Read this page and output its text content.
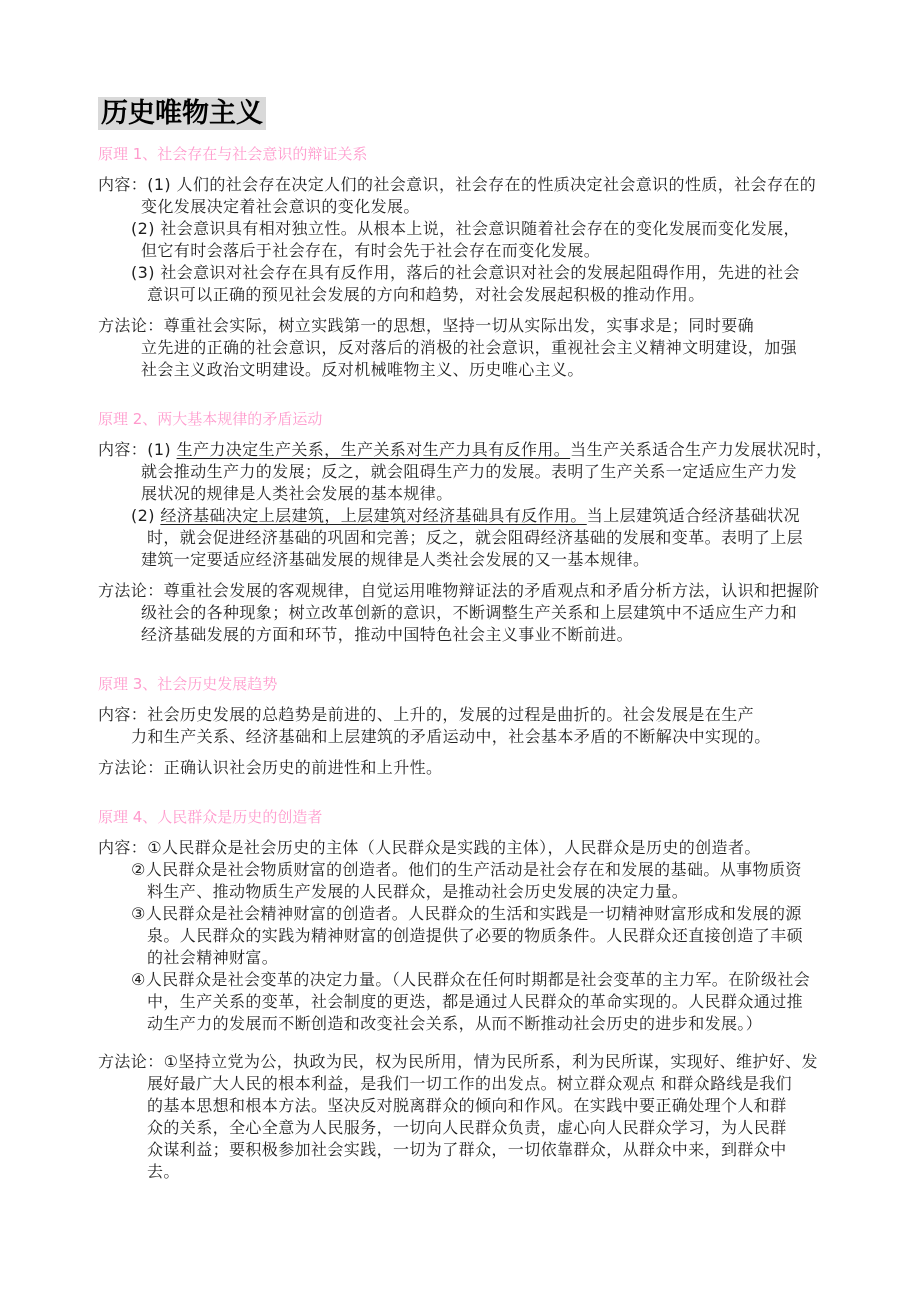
历史唯物主义
原理 1、社会存在与社会意识的辩证关系
内容：(1) 人们的社会存在决定人们的社会意识，社会存在的性质决定社会意识的性质，社会存在的
变化发展决定着社会意识的变化发展。
(2) 社会意识具有相对独立性。从根本上说，社会意识随着社会存在的变化发展而变化发展，
但它有时会落后于社会存在，有时会先于社会存在而变化发展。
(3) 社会意识对社会存在具有反作用，落后的社会意识对社会的发展起阻碍作用，先进的社会
意识可以正确的预见社会发展的方向和趋势，对社会发展起积极的推动作用。
方法论：尊重社会实际，树立实践第一的思想，坚持一切从实际出发，实事求是；同时要确
立先进的正确的社会意识，反对落后的消极的社会意识，重视社会主义精神文明建设，加强
社会主义政治文明建设。反对机械唯物主义、历史唯心主义。
原理 2、两大基本规律的矛盾运动
内容：(1) 生产力决定生产关系，生产关系对生产力具有反作用。当生产关系适合生产力发展状况时，
就会推动生产力的发展；反之，就会阻碍生产力的发展。表明了生产关系一定适应生产力发
展状况的规律是人类社会发展的基本规律。
(2) 经济基础决定上层建筑，上层建筑对经济基础具有反作用。当上层建筑适合经济基础状况
时，就会促进经济基础的巩固和完善；反之，就会阻碍经济基础的发展和变革。表明了上层
建筑一定要适应经济基础发展的规律是人类社会发展的又一基本规律。
方法论：尊重社会发展的客观规律，自觉运用唯物辩证法的矛盾观点和矛盾分析方法，认识和把握阶
级社会的各种现象；树立改革创新的意识，不断调整生产关系和上层建筑中不适应生产力和
经济基础发展的方面和环节，推动中国特色社会主义事业不断前进。
原理 3、社会历史发展趋势
内容：社会历史发展的总趋势是前进的、上升的，发展的过程是曲折的。社会发展是在生产
力和生产关系、经济基础和上层建筑的矛盾运动中，社会基本矛盾的不断解决中实现的。
方法论：正确认识社会历史的前进性和上升性。
原理 4、人民群众是历史的创造者
内容：①人民群众是社会历史的主体（人民群众是实践的主体），人民群众是历史的创造者。
②人民群众是社会物质财富的创造者。他们的生产活动是社会存在和发展的基础。从事物质资
料生产、推动物质生产发展的人民群众，是推动社会历史发展的决定力量。
③人民群众是社会精神财富的创造者。人民群众的生活和实践是一切精神财富形成和发展的源
泉。人民群众的实践为精神财富的创造提供了必要的物质条件。人民群众还直接创造了丰硕
的社会精神财富。
④人民群众是社会变革的决定力量。（人民群众在任何时期都是社会变革的主力军。在阶级社会
中，生产关系的变革，社会制度的更迭，都是通过人民群众的革命实现的。人民群众通过推
动生产力的发展而不断创造和改变社会关系，从而不断推动社会历史的进步和发展。）
方法论：①坚持立党为公，执政为民，权为民所用，情为民所系，利为民所谋，实现好、维护好、发
展好最广大人民的根本利益，是我们一切工作的出发点。树立群众观点 和群众路线是我们
的基本思想和根本方法。坚决反对脱离群众的倾向和作风。在实践中要正确处理个人和群
众的关系，全心全意为人民服务，一切向人民群众负责，虚心向人民群众学习，为人民群
众谋利益；要积极参加社会实践，一切为了群众，一切依靠群众，从群众中来，到群众中
去。
